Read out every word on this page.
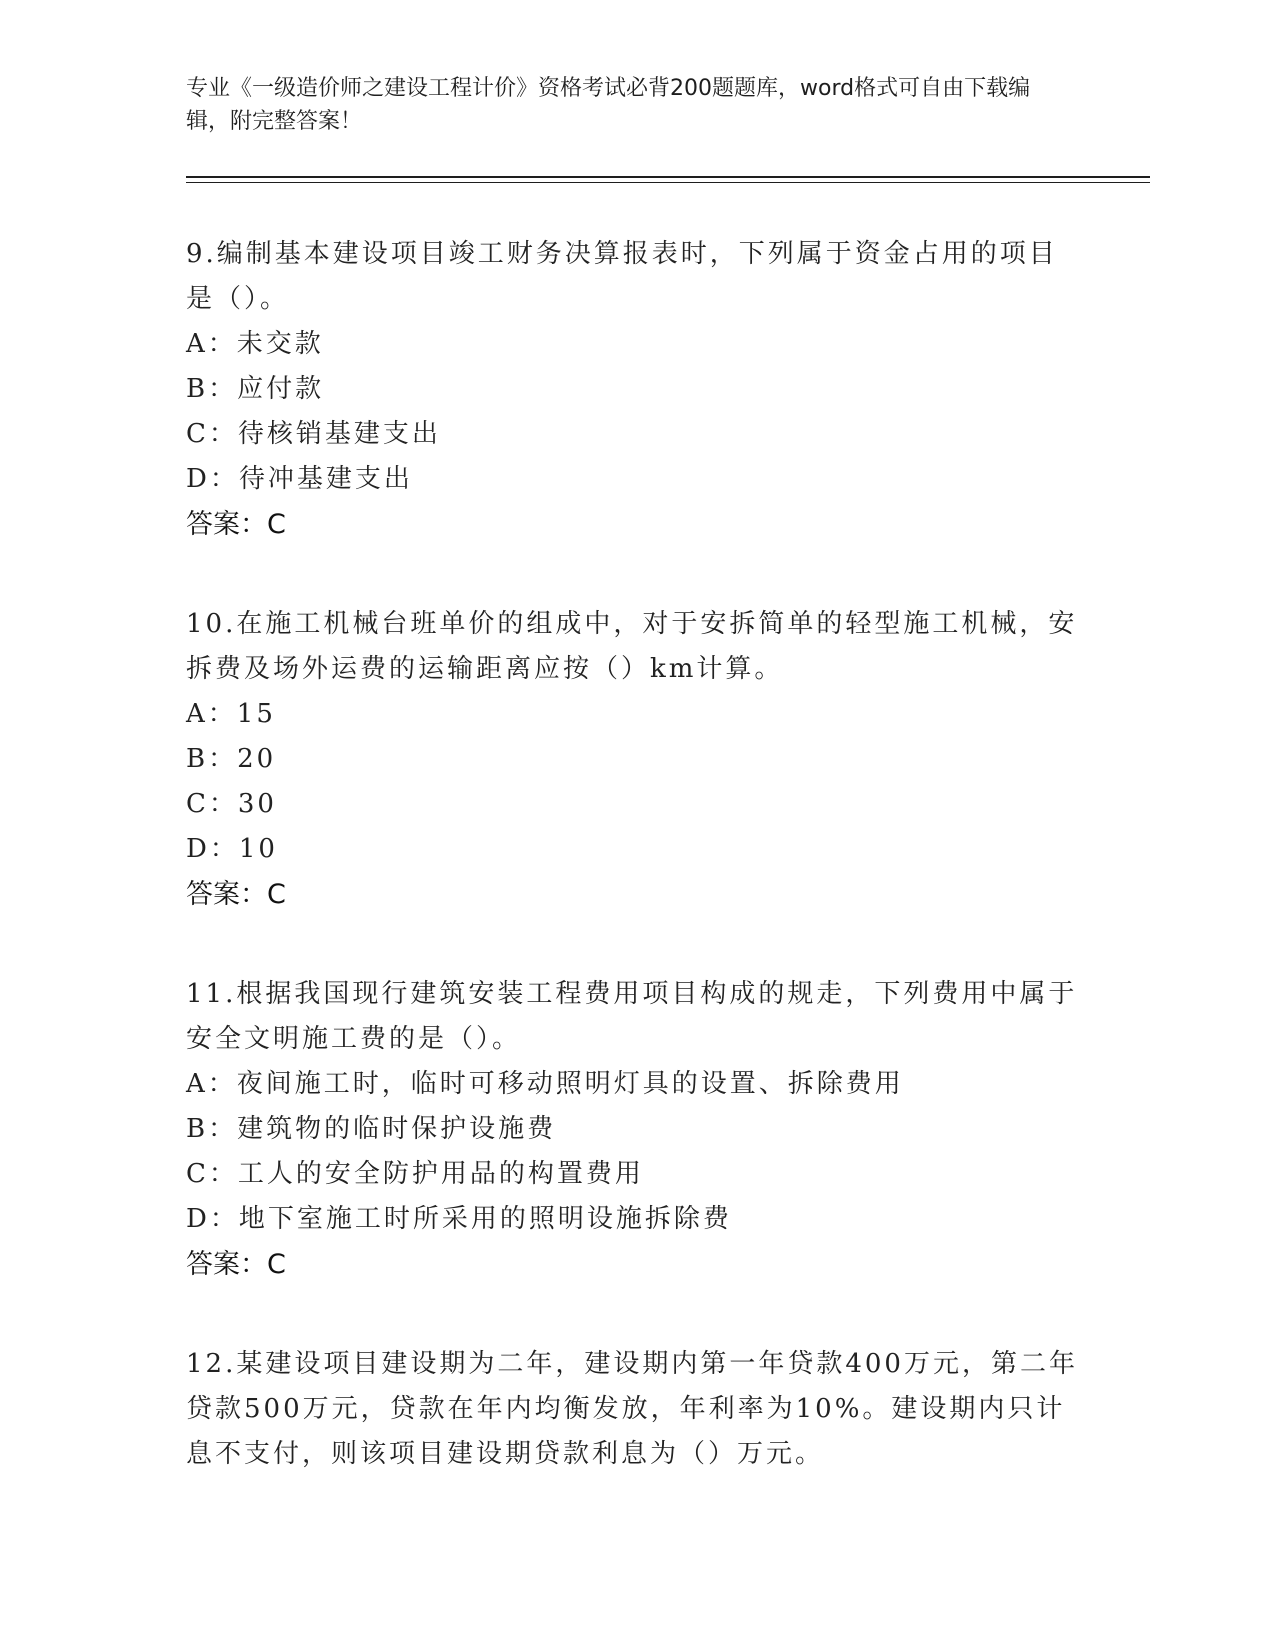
专业《一级造价师之建设工程计价》资格考试必背200题题库，word格式可自由下载编辑，附完整答案！
9.编制基本建设项目竣工财务决算报表时，下列属于资金占用的项目是（）。
A：未交款
B：应付款
C：待核销基建支出
D：待冲基建支出
答案：C
10.在施工机械台班单价的组成中，对于安拆简单的轻型施工机械，安拆费及场外运费的运输距离应按（）km计算。
A：15
B：20
C：30
D：10
答案：C
11.根据我国现行建筑安装工程费用项目构成的规走，下列费用中属于安全文明施工费的是（）。
A：夜间施工时，临时可移动照明灯具的设置、拆除费用
B：建筑物的临时保护设施费
C：工人的安全防护用品的构置费用
D：地下室施工时所采用的照明设施拆除费
答案：C
12.某建设项目建设期为二年，建设期内第一年贷款400万元，第二年贷款500万元，贷款在年内均衡发放，年利率为10%。建设期内只计息不支付，则该项目建设期贷款利息为（）万元。
